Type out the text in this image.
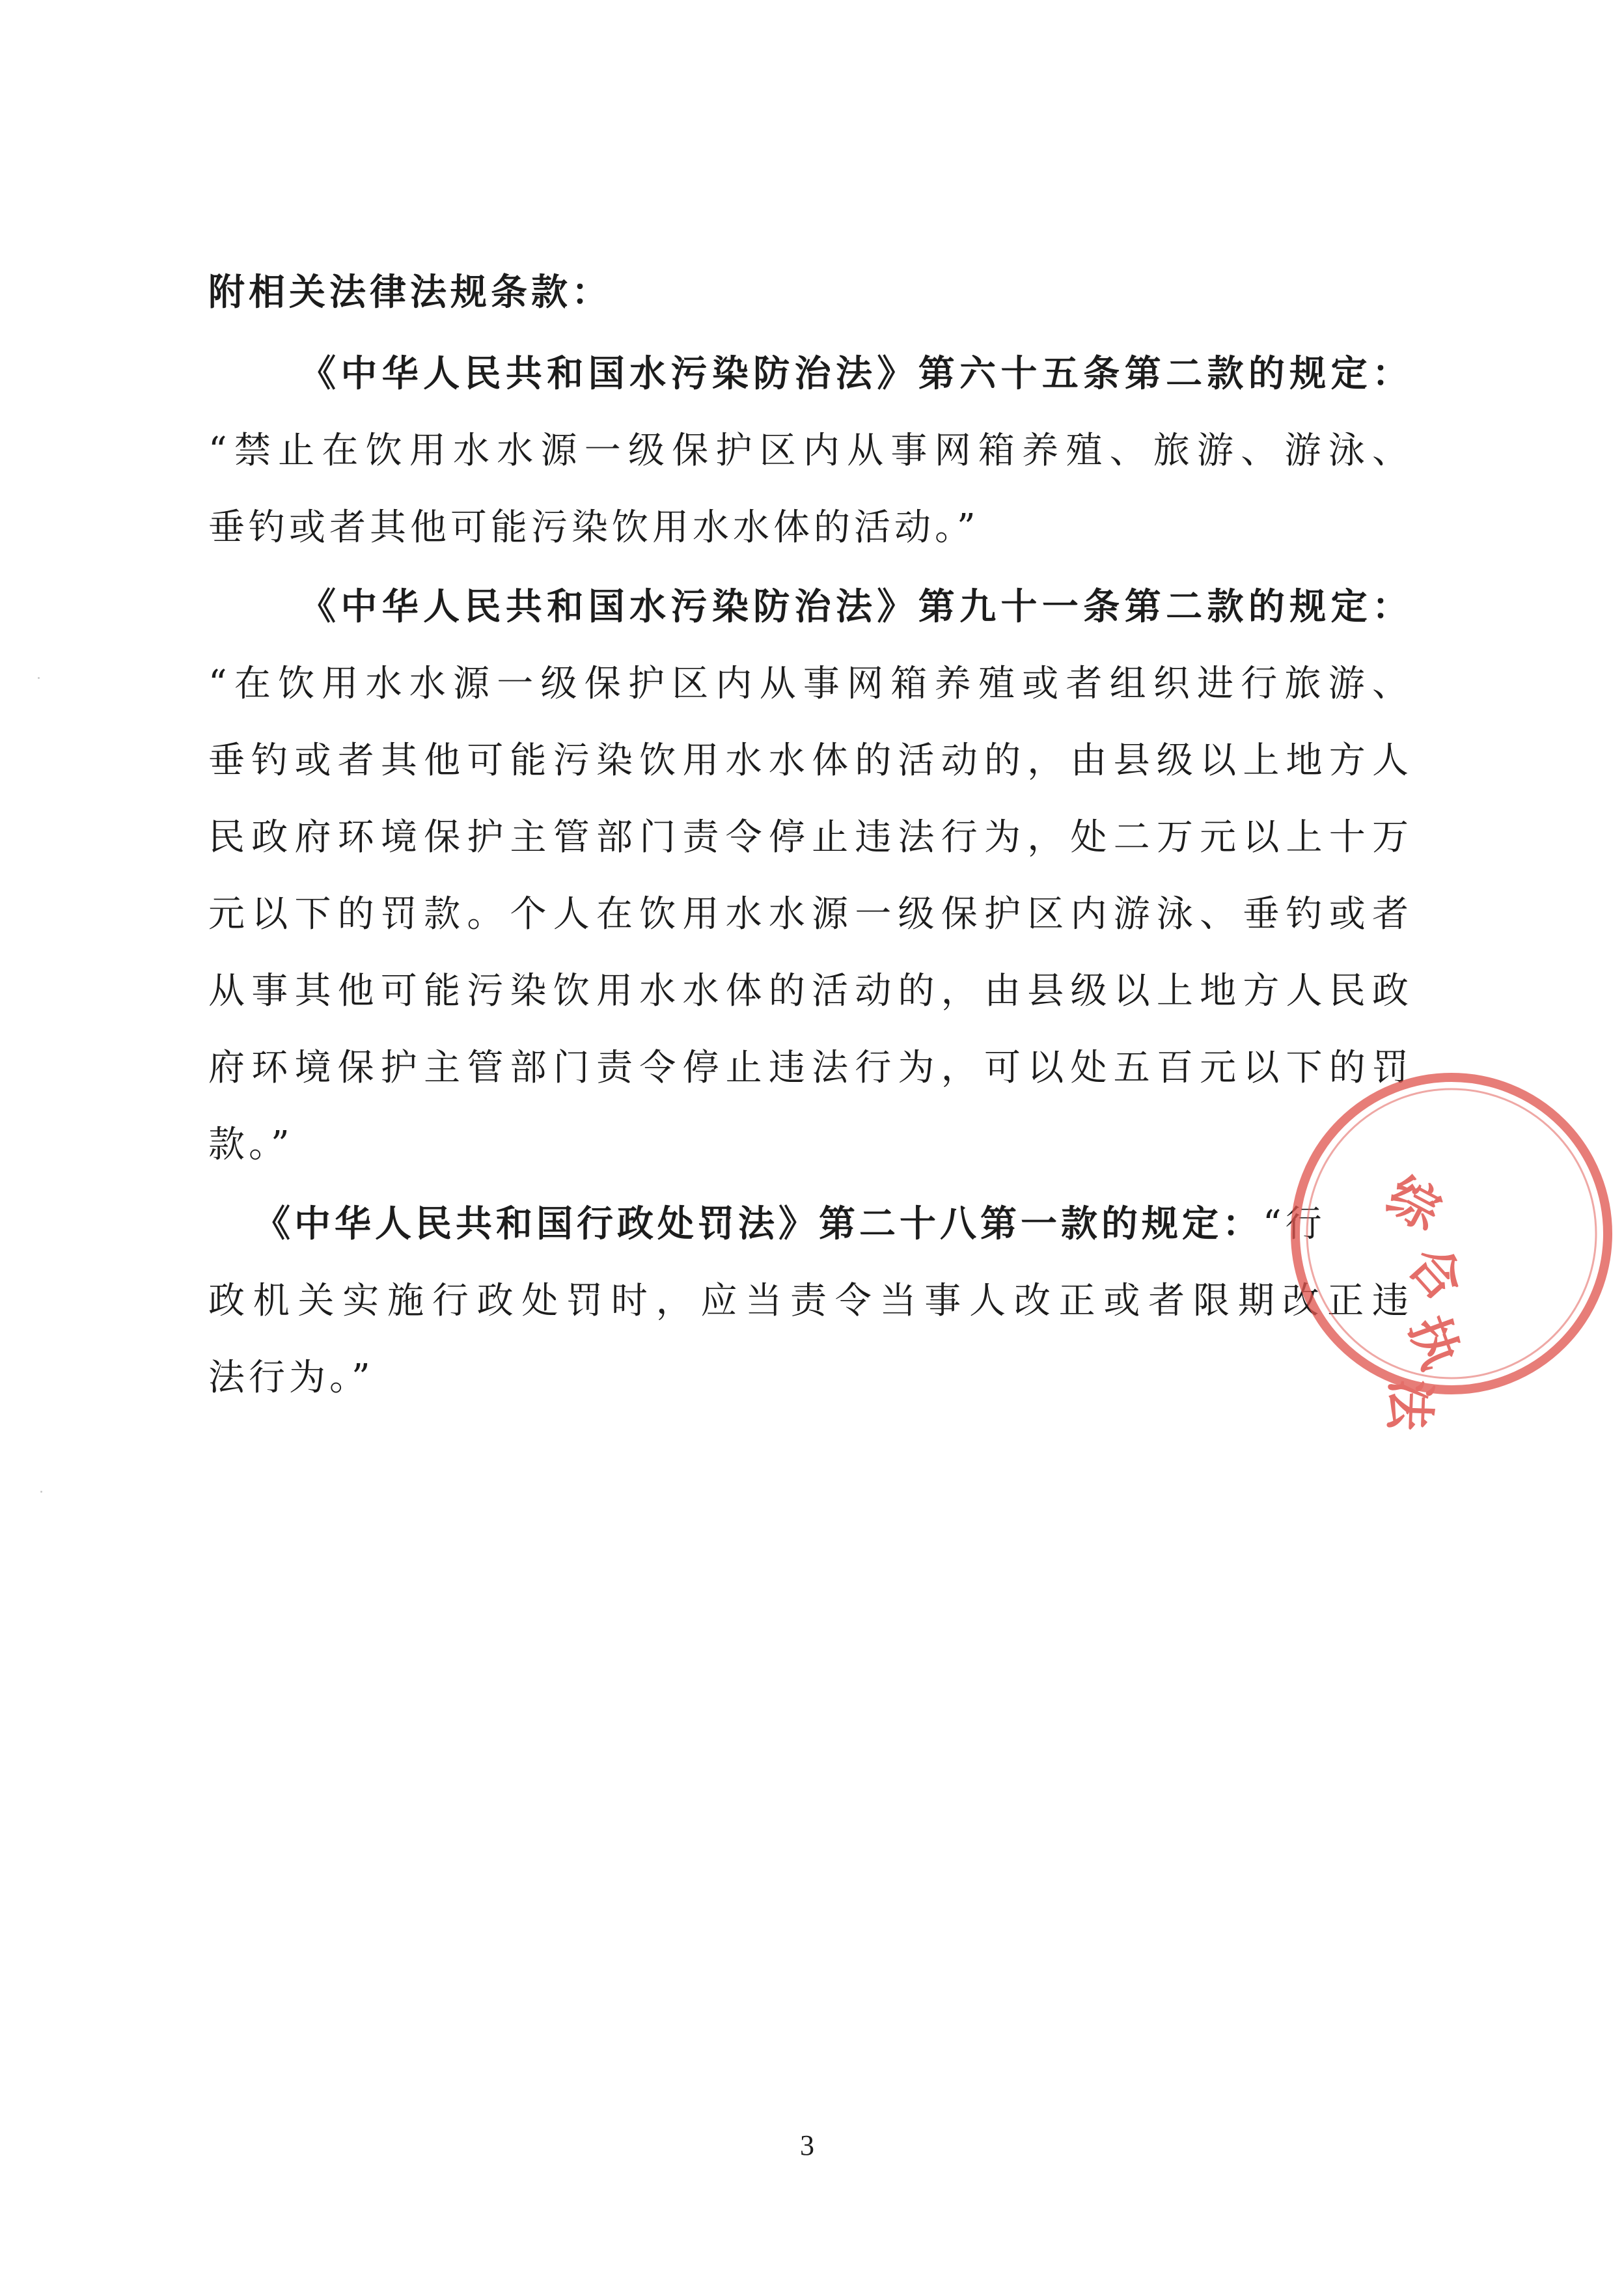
附相关法律法规条款：
《中华人民共和国水污染防治法》第六十五条第二款的规定：
“禁止在饮用水水源一级保护区内从事网箱养殖、旅游、游泳、
垂钓或者其他可能污染饮用水水体的活动。”
《中华人民共和国水污染防治法》第九十一条第二款的规定：
“在饮用水水源一级保护区内从事网箱养殖或者组织进行旅游、
垂钓或者其他可能污染饮用水水体的活动的，由县级以上地方人
民政府环境保护主管部门责令停止违法行为，处二万元以上十万
元以下的罚款。个人在饮用水水源一级保护区内游泳、垂钓或者
从事其他可能污染饮用水水体的活动的，由县级以上地方人民政
府环境保护主管部门责令停止违法行为，可以处五百元以下的罚
款。”
《中华人民共和国行政处罚法》第二十八第一款的规定：“行
政机关实施行政处罚时，应当责令当事人改正或者限期改正违
法行为。”
综
合
执
法
3
